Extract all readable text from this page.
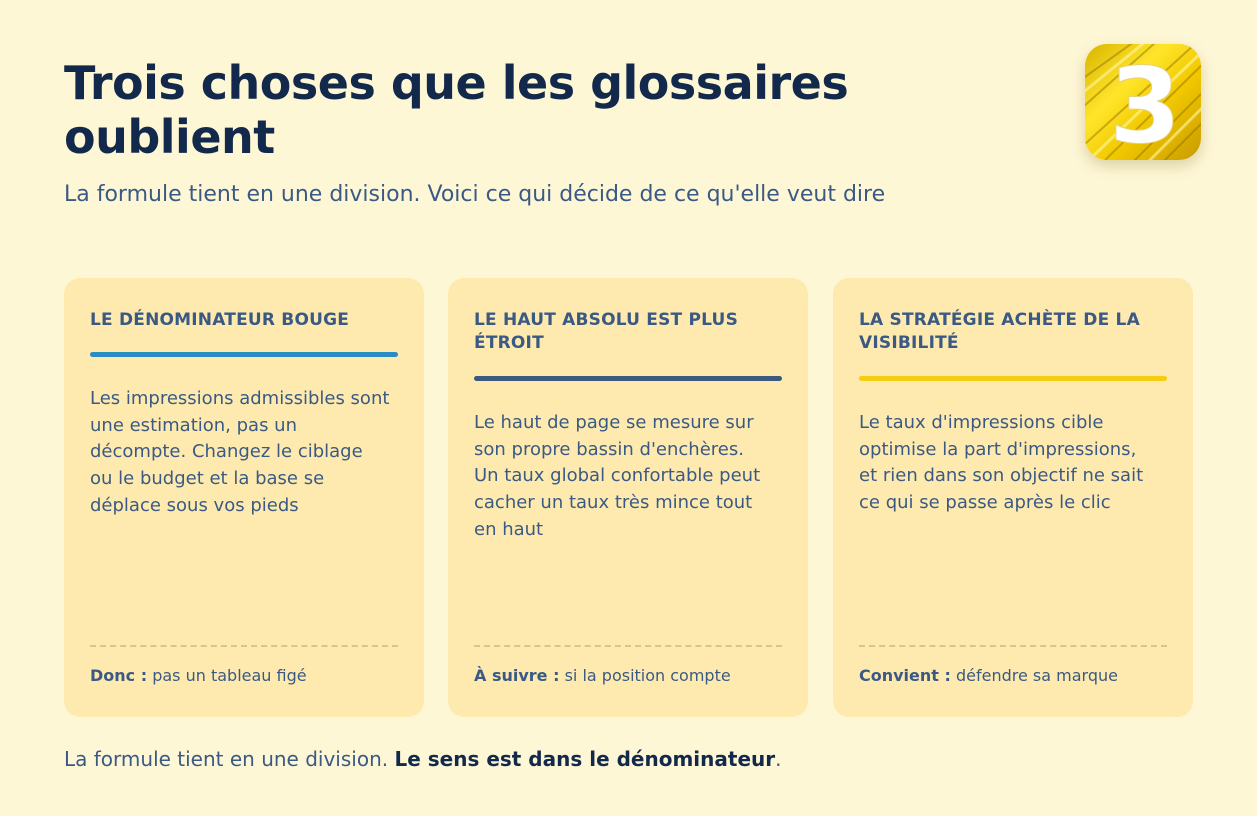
Trois choses que les glossaires oublient

La formule tient en une division. Voici ce qui décide de ce qu'elle veut dire

3
LE DÉNOMINATEUR BOUGE

Les impressions admissibles sont une estimation, pas un décompte. Changez le ciblage ou le budget et la base se déplace sous vos pieds

Donc : pas un tableau figé

LE HAUT ABSOLU EST PLUS ÉTROIT

Le haut de page se mesure sur son propre bassin d'enchères. Un taux global confortable peut cacher un taux très mince tout en haut

À suivre : si la position compte

LA STRATÉGIE ACHÈTE DE LA VISIBILITÉ

Le taux d'impressions cible optimise la part d'impressions, et rien dans son objectif ne sait ce qui se passe après le clic

Convient : défendre sa marque

La formule tient en une division. Le sens est dans le dénominateur.
